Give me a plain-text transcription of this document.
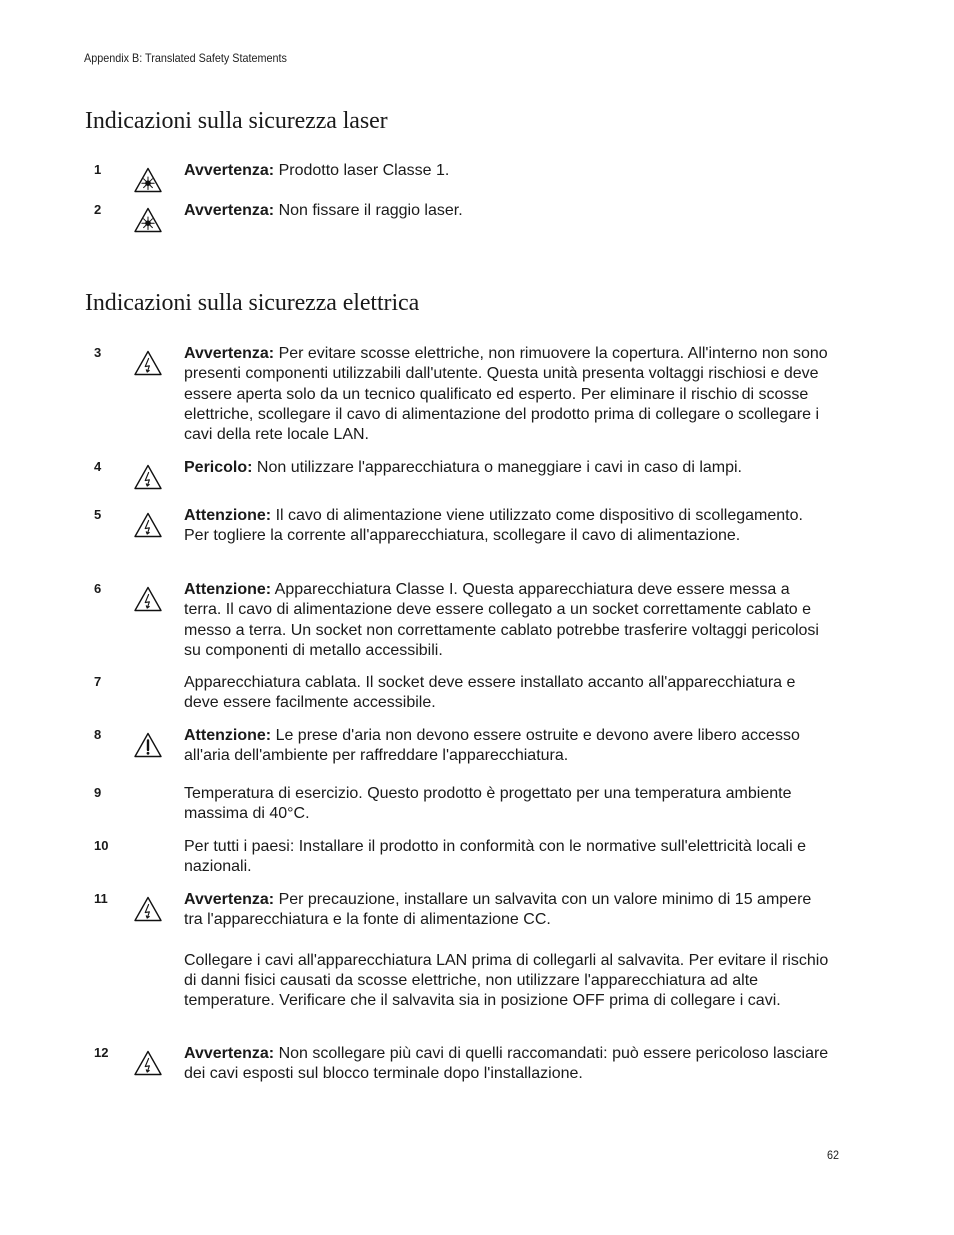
Appendix B: Translated Safety Statements
Indicazioni sulla sicurezza laser
1	Avvertenza: Prodotto laser Classe 1.

2	Avvertenza: Non fissare il raggio laser.

Indicazioni sulla sicurezza elettrica
3	Avvertenza: Per evitare scosse elettriche, non rimuovere la copertura. All'interno non sono presenti componenti utilizzabili dall'utente. Questa unità presenta voltaggi rischiosi e deve essere aperta solo da un tecnico qualificato ed esperto. Per eliminare il rischio di scosse elettriche, scollegare il cavo di alimentazione del prodotto prima di collegare o scollegare i cavi della rete locale LAN.

4	Pericolo: Non utilizzare l'apparecchiatura o maneggiare i cavi in caso di lampi.

5	Attenzione: Il cavo di alimentazione viene utilizzato come dispositivo di scollegamento. Per togliere la corrente all'apparecchiatura, scollegare il cavo di alimentazione.

6	Attenzione: Apparecchiatura Classe I. Questa apparecchiatura deve essere messa a terra. Il cavo di alimentazione deve essere collegato a un socket correttamente cablato e messo a terra. Un socket non correttamente cablato potrebbe trasferire voltaggi pericolosi su componenti di metallo accessibili.

7	Apparecchiatura cablata. Il socket deve essere installato accanto all'apparecchiatura e deve essere facilmente accessibile.

8	Attenzione: Le prese d'aria non devono essere ostruite e devono avere libero accesso all'aria dell'ambiente per raffreddare l'apparecchiatura.

9	Temperatura di esercizio. Questo prodotto è progettato per una temperatura ambiente massima di 40°C.

10	Per tutti i paesi: Installare il prodotto in conformità con le normative sull'elettricità locali e nazionali.

11	Avvertenza: Per precauzione, installare un salvavita con un valore minimo di 15 ampere tra l'apparecchiatura e la fonte di alimentazione CC.

Collegare i cavi all'apparecchiatura LAN prima di collegarli al salvavita. Per evitare il rischio di danni fisici causati da scosse elettriche, non utilizzare l'apparecchiatura ad alte temperature. Verificare che il salvavita sia in posizione OFF prima di collegare i cavi.

12	Avvertenza: Non scollegare più cavi di quelli raccomandati: può essere pericoloso lasciare dei cavi esposti sul blocco terminale dopo l'installazione.

62
